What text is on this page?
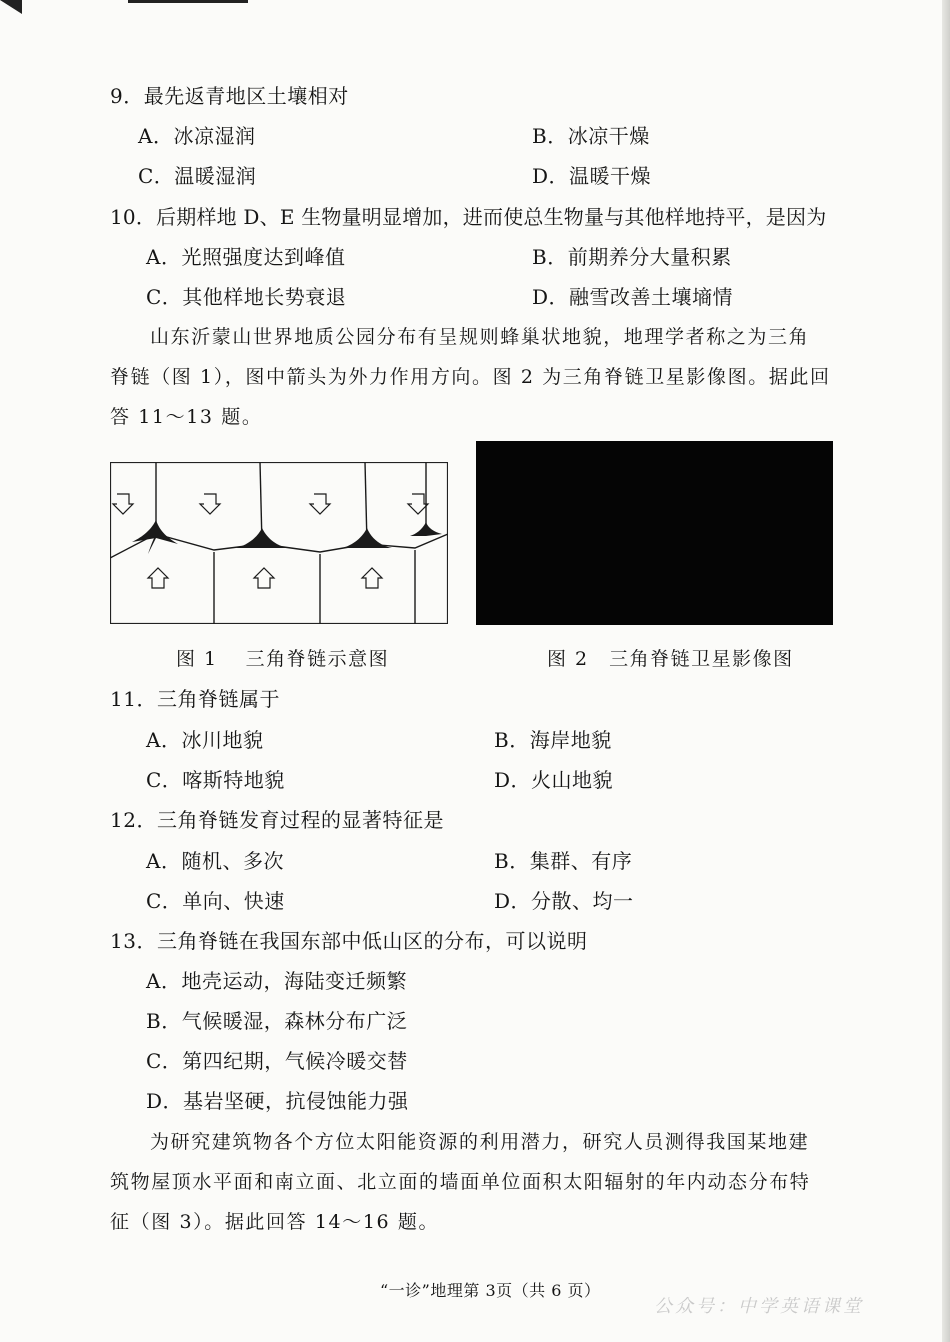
9．最先返青地区土壤相对
A．冰凉湿润	B．冰凉干燥
C．温暖湿润	D．温暖干燥
10．后期样地 D、E 生物量明显增加，进而使总生物量与其他样地持平，是因为
A．光照强度达到峰值	B．前期养分大量积累
C．其他样地长势衰退	D．融雪改善土壤墒情
山东沂蒙山世界地质公园分布有呈规则蜂巢状地貌，地理学者称之为三角
脊链（图 1），图中箭头为外力作用方向。图 2 为三角脊链卫星影像图。据此回
答 11～13 题。
图 1　 三角脊链示意图	图 2　三角脊链卫星影像图
11．三角脊链属于
A．冰川地貌	B．海岸地貌
C．喀斯特地貌	D．火山地貌
12．三角脊链发育过程的显著特征是
A．随机、多次	B．集群、有序
C．单向、快速	D．分散、均一
13．三角脊链在我国东部中低山区的分布，可以说明
A．地壳运动，海陆变迁频繁
B．气候暖湿，森林分布广泛
C．第四纪期，气候冷暖交替
D．基岩坚硬，抗侵蚀能力强
为研究建筑物各个方位太阳能资源的利用潜力，研究人员测得我国某地建
筑物屋顶水平面和南立面、北立面的墙面单位面积太阳辐射的年内动态分布特
征（图 3）。据此回答 14～16 题。
“一诊”地理第 3页（共 6 页）
公众号：中学英语课堂
